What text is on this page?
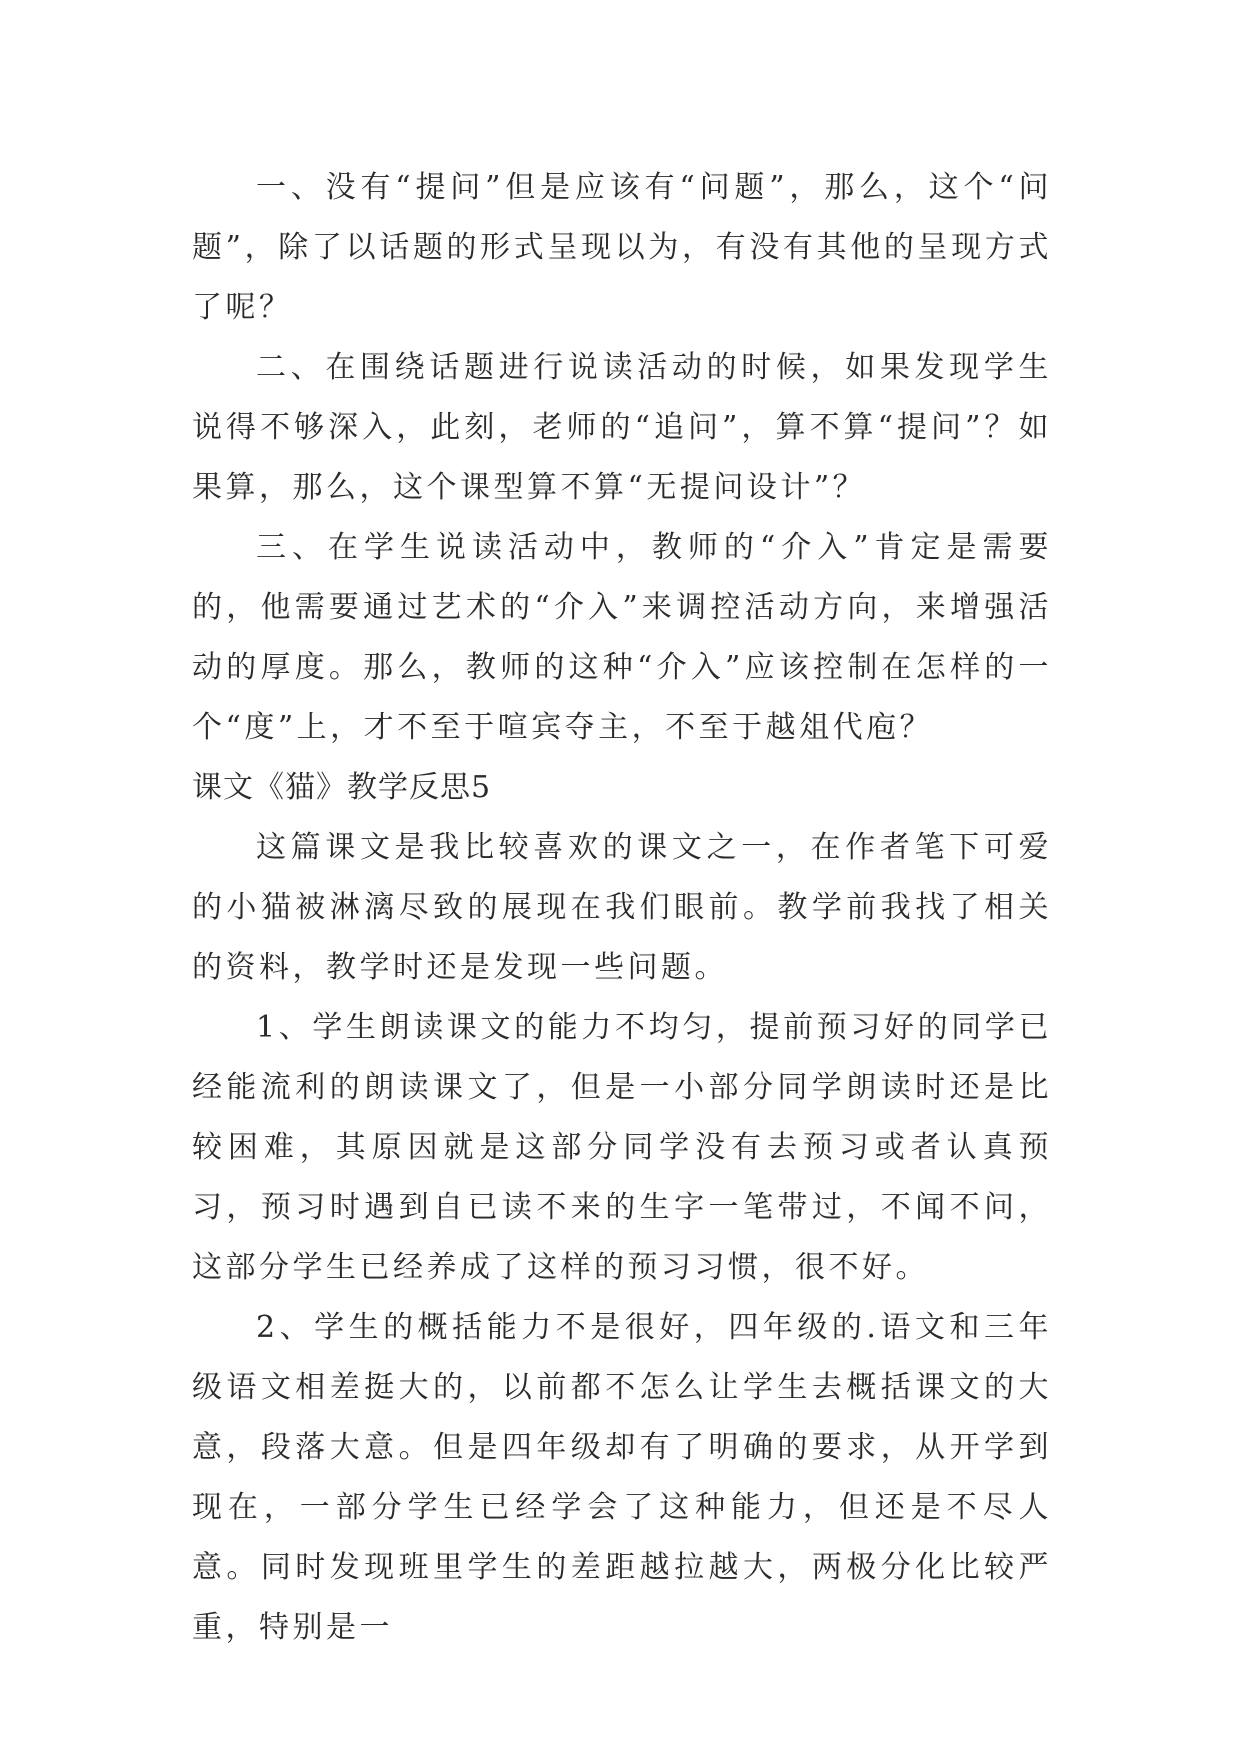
一、没有“提问”但是应该有“问题”，那么，这个“问题”，除了以话题的形式呈现以为，有没有其他的呈现方式了呢？

二、在围绕话题进行说读活动的时候，如果发现学生说得不够深入，此刻，老师的“追问”，算不算“提问”？如果算，那么，这个课型算不算“无提问设计”？

三、在学生说读活动中，教师的“介入”肯定是需要的，他需要通过艺术的“介入”来调控活动方向，来增强活动的厚度。那么，教师的这种“介入”应该控制在怎样的一个“度”上，才不至于喧宾夺主，不至于越俎代庖？

课文《猫》教学反思5

这篇课文是我比较喜欢的课文之一，在作者笔下可爱的小猫被淋漓尽致的展现在我们眼前。教学前我找了相关的资料，教学时还是发现一些问题。

1、学生朗读课文的能力不均匀，提前预习好的同学已经能流利的朗读课文了，但是一小部分同学朗读时还是比较困难，其原因就是这部分同学没有去预习或者认真预习，预习时遇到自已读不来的生字一笔带过，不闻不问，这部分学生已经养成了这样的预习习惯，很不好。

2、学生的概括能力不是很好，四年级的.语文和三年级语文相差挺大的，以前都不怎么让学生去概括课文的大意，段落大意。但是四年级却有了明确的要求，从开学到现在，一部分学生已经学会了这种能力，但还是不尽人意。同时发现班里学生的差距越拉越大，两极分化比较严重，特别是一
